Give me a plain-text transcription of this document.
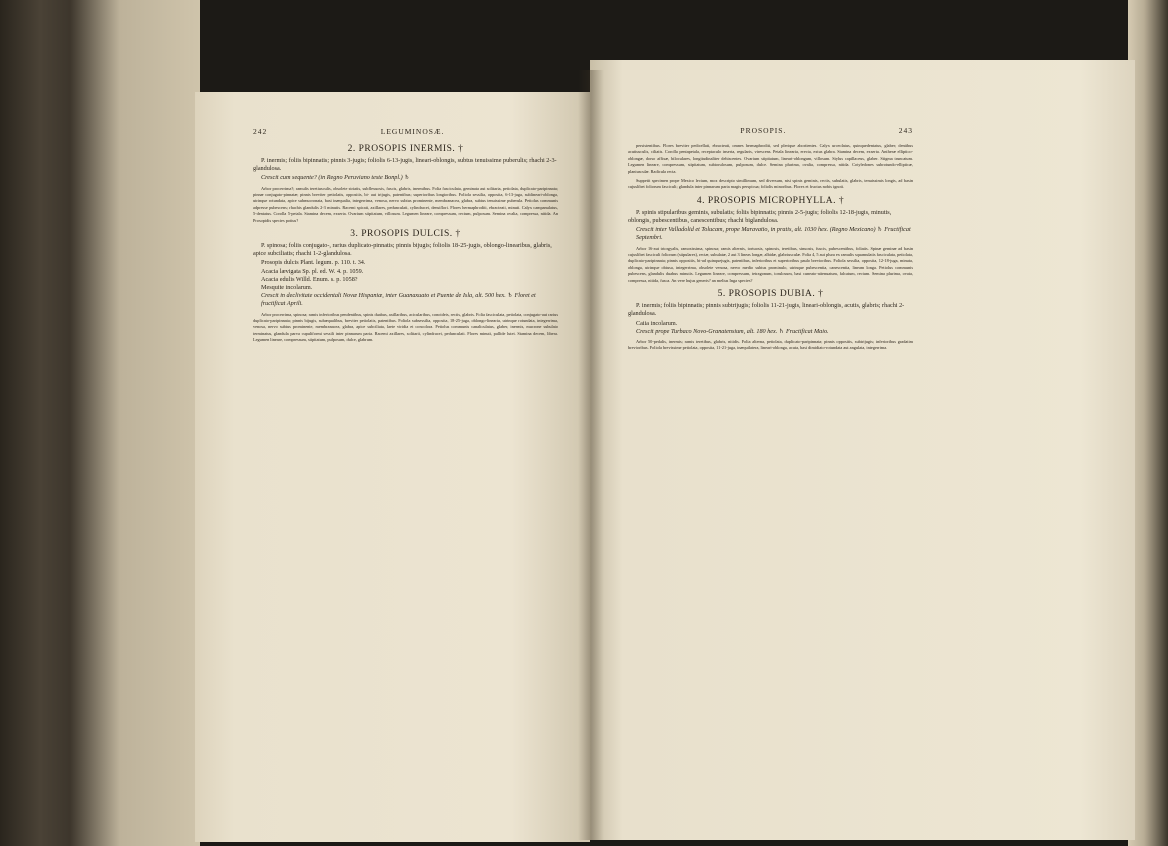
242	LEGUMINOSÆ.
2. PROSOPIS INERMIS. †

P. inermis; foliis bipinnatis; pinnis 3-jugis; foliolis 6-13-jugis, lineari-oblongis, subtus tenuissime puberulis; rhachi 2-3-glandulosa.

Crescit cum sequente? (in Regno Peruviano teste Bonpl.) ♄

Arbor procerrima?; ramulis teretiusculis, obsolete striatis, subflexuosis, fuscis, glabris, inermibus. Folia fasciculata, geminata aut solitaria, petiolata, duplicato-paripinnata; pinnæ conjugato-pinnatæ; pinnis breviter petiolatis, oppositis, bi- aut trijugis, patentibus; superioribus longioribus. Foliola sessilia, opposita, 6-13-juga, sublineari-oblonga, utrinque rotundata, apice submucronata, basi inæqualia, integerrima, venosa, nervo subtus prominente, membranacea, glabra, subtus tenuissime puberula. Petiolus communis adpresse pubescens; rhachis glandulis 2-3 minutis. Racemi spicati, axillares, pedunculati, cylindracei, densiflori. Flores hermaphroditi, ebracteati, minuti. Calyx campanulatus, 5-dentatus. Corolla 5-petala. Stamina decem, exserta. Ovarium stipitatum, villosum. Legumen lineare, compressum, rectum, pulposum. Semina ovalia, compressa, nitida. An Prosopidis species potius?

3. PROSOPIS DULCIS. †

P. spinosa; foliis conjugato-, rarius duplicato-pinnatis; pinnis bijugis; foliolis 18-25-jugis, oblongo-linearibus, glabris, apice subciliatis; rhachi 1-2-glandulosa.

Prosopis dulcis Plant. legum. p. 110. t. 34.

Acacia lævigata Sp. pl. ed. W. 4. p. 1059.

Acacia edulis Willd. Enum. s. p. 1058?

Mesquite incolarum.

Crescit in declivitate occidentali Novæ Hispaniæ, inter Guanaxuato et Puente de Isla, alt. 500 hex. ♄ Floret et fructificat Aprili.

Arbor procerrima, spinosa; ramis inferioribus pendentibus, spinis duabus, axillaribus, acicularibus, conoideis, rectis, glabris. Folia fasciculata, petiolata, conjugato-aut rarius duplicato-paripinnata; pinnis bijugis, subæqualibus, breviter petiolatis, patentibus. Foliola subsessilia, opposita, 18-25-juga, oblongo-linearia, utrinque rotundata, integerrima, venosa, nervo subtus prominente, membranacea, glabra, apice subciliata, laete viridia et concolora. Petiolus communis canaliculatus, glaber, inermis, mucrone subulato terminatus, glandula parva cupuliformi sessili inter pinnarum paria. Racemi axillares, solitarii, cylindracei, pedunculati. Flores minuti, pallide lutei. Stamina decem, libera. Legumen lineare, compressum, stipitatum, pulposum, dulce, glabrum.

PROSOPIS.	243

persistentibus. Flores breviter pedicellati, ebracteati, omnes hermaphroditi, sed plerique abortientes. Calyx urceolatus, quinquedentatus, glaber; dentibus acutiusculis, ciliatis. Corolla pentapetala, receptaculo inserta, regularis, virescens. Petala linearia, erecta, extus glabra. Stamina decem, exserta. Antheræ elliptico-oblongæ, dorso affixæ, biloculares, longitudinaliter dehiscentes. Ovarium stipitatum, lineari-oblongum, villosum. Stylus capillaceus, glaber. Stigma truncatum. Legumen lineare, compressum, stipitatum, subtorulosum, pulposum, dulce. Semina plurima, ovalia, compressa, nitida. Cotyledones subrotundo-ellipticæ, planiusculæ. Radicula recta.

Suppetit specimen prope Mexico lectum, mox descripto simillimum, sed diversum, nisi spinis geminis, rectis, subulatis, glabris, tenuissimis longis, ad basin cujuslibet foliorum fasciculi; glandula inter pinnarum paria magis perspicua; foliolis minoribus. Flores et fructus nobis ignoti.

4. PROSOPIS MICROPHYLLA. †

P. spinis stipularibus geminis, subulatis; foliis bipinnatis; pinnis 2-5-jugis; foliolis 12-18-jugis, minutis, oblongis, pubescentibus, canescentibus; rhachi biglandulosa.

Crescit inter Valladolid et Tolucam, prope Maravatio, in pratis, alt. 1030 hex. (Regno Mexicano) ♄ Fructificat Septembri.

Arbor 16-aut triorgyalis, ramosissima, spinosa; ramis alternis, tortuosis, spinosis, teretibus, sinuosis, fuscis, pubescentibus, foliatis. Spinæ geminæ ad basin cujuslibet fasciculi foliorum (stipulares), rectæ, subulatæ, 2 aut 3 lineas longæ, albidæ, glabriusculæ. Folia 4, 5 aut plura ex ramulis squamulatis fasciculata, petiolata, duplicato-paripinnata; pinnis oppositis, bi-ad quinquejugis, patentibus, inferioribus et superioribus paulo brevioribus. Foliola sessilia, opposita, 12-18-juga, minuta, oblonga, utrinque obtusa, integerrima, obsolete venosa, nervo medio subtus prominulo, utrinque pubescentia, canescentia, lineam longa. Petiolus communis pubescens, glandulis duabus minutis. Legumen lineare, compressum, tetragonum, torulosum, basi cuneato-attenuatum, falcatum, rectum. Semina plurima, ovata, compressa, nitida, fusca. An vere hujus generis? an melius Inga species?

5. PROSOPIS DUBIA. †

P. inermis; foliis bipinnatis; pinnis subtrijugis; foliolis 11-21-jugis, lineari-oblongis, acutis, glabris; rhachi 2-glandulosa.

Caiia incolarum.

Crescit prope Turbaco Novo-Granatensium, alt. 180 hex. ♄ Fructificat Maio.

Arbor 50-pedalis, inermis; ramis teretibus, glabris, nitidis. Folia alterna, petiolata, duplicato-paripinnata; pinnis oppositis, subtrijugis; inferioribus gradatim brevioribus. Foliola brevissime petiolata, opposita, 11-21-juga, inæquilatera, lineari-oblonga, acuta, basi dimidiato-rotundata aut angulata, integerrima.
